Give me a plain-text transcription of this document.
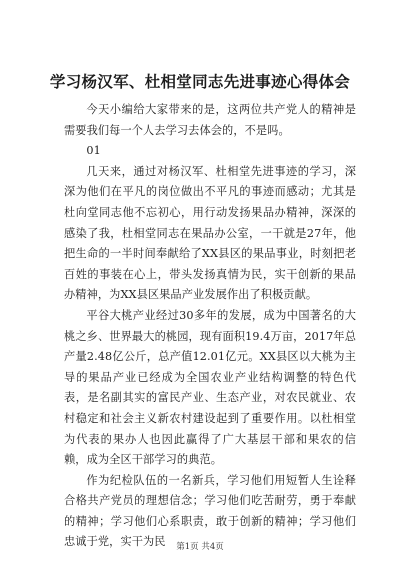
学习杨汉军、杜相堂同志先进事迹心得体会

今天小编给大家带来的是，这两位共产党人的精神是需要我们每一个人去学习去体会的，不是吗。

01

几天来，通过对杨汉军、杜相堂先进事迹的学习，深深为他们在平凡的岗位做出不平凡的事迹而感动；尤其是杜向堂同志他不忘初心，用行动发扬果品办精神，深深的感染了我，杜相堂同志在果品办公室，一干就是27年，他把生命的一半时间奉献给了XX县区的果品事业，时刻把老百姓的事装在心上，带头发扬真情为民，实干创新的果品办精神，为XX县区果品产业发展作出了积极贡献。

平谷大桃产业经过30多年的发展，成为中国著名的大桃之乡、世界最大的桃园，现有面积19.4万亩，2017年总产量2.48亿公斤，总产值12.01亿元。XX县区以大桃为主导的果品产业已经成为全国农业产业结构调整的特色代表，是名副其实的富民产业、生态产业，对农民就业、农村稳定和社会主义新农村建设起到了重要作用。以杜相堂为代表的果办人也因此赢得了广大基层干部和果农的信赖，成为全区干部学习的典范。

作为纪检队伍的一名新兵，学习他们用短暂人生诠释合格共产党员的理想信念；学习他们吃苦耐劳，勇于奉献的精神；学习他们心系职责，敢于创新的精神；学习他们忠诚于党，实干为民	第1页 共4页
